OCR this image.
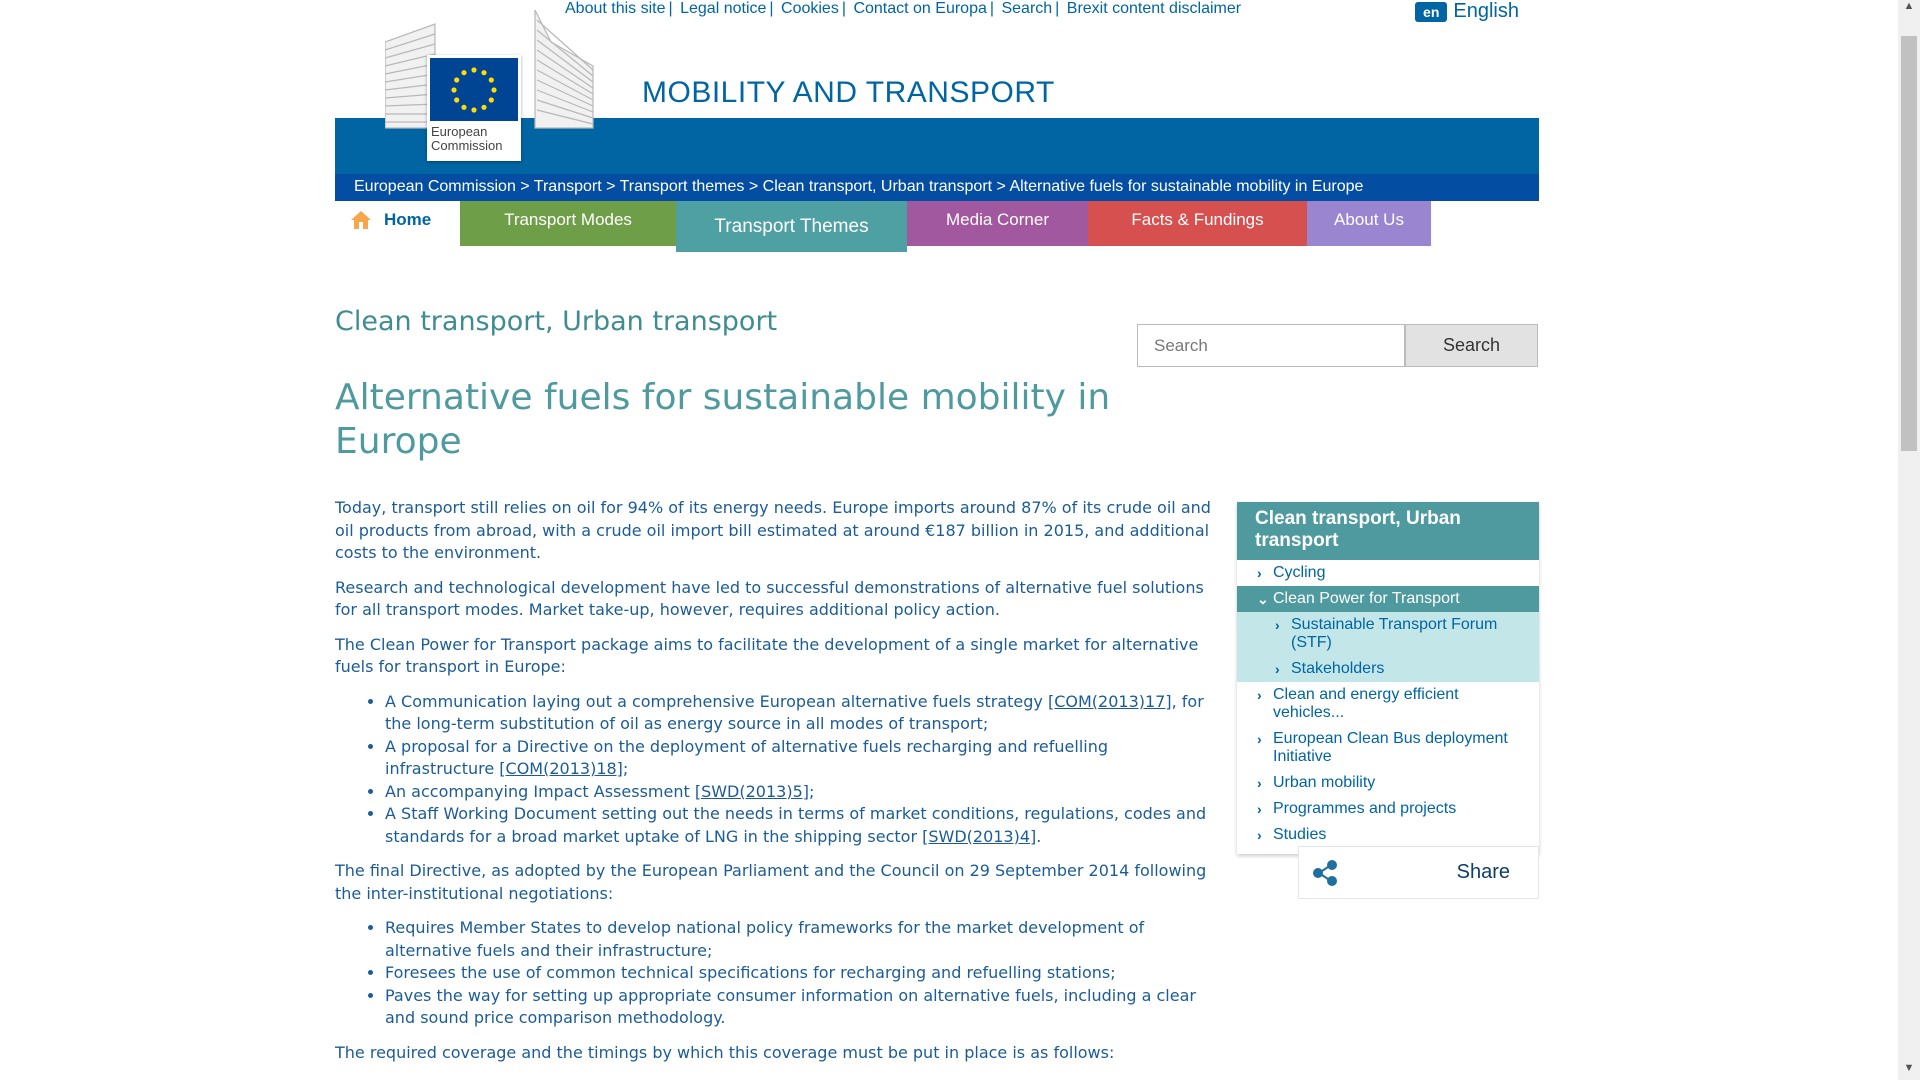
About this site | Legal notice | Cookies | Contact on Europa | Search | Brexit content disclaimer	en English
European Commission > Transport > Transport themes > Clean transport, Urban transport > Alternative fuels for sustainable mobility in Europe
European
Commission
MOBILITY AND TRANSPORT
Home	Transport Modes	Transport Themes	Media Corner	Facts & Fundings	About Us
Clean transport, Urban transport
Alternative fuels for sustainable mobility in Europe
Search
Search

Today, transport still relies on oil for 94% of its energy needs. Europe imports around 87% of its crude oil and oil products from abroad, with a crude oil import bill estimated at around €187 billion in 2015, and additional costs to the environment.

Research and technological development have led to successful demonstrations of alternative fuel solutions for all transport modes. Market take-up, however, requires additional policy action.

The Clean Power for Transport package aims to facilitate the development of a single market for alternative fuels for transport in Europe:

• A Communication laying out a comprehensive European alternative fuels strategy [COM(2013)17], for the long-term substitution of oil as energy source in all modes of transport;
• A proposal for a Directive on the deployment of alternative fuels recharging and refuelling infrastructure [COM(2013)18];
• An accompanying Impact Assessment [SWD(2013)5];
• A Staff Working Document setting out the needs in terms of market conditions, regulations, codes and standards for a broad market uptake of LNG in the shipping sector [SWD(2013)4].

The final Directive, as adopted by the European Parliament and the Council on 29 September 2014 following the inter-institutional negotiations:

• Requires Member States to develop national policy frameworks for the market development of alternative fuels and their infrastructure;
• Foresees the use of common technical specifications for recharging and refuelling stations;
• Paves the way for setting up appropriate consumer information on alternative fuels, including a clear and sound price comparison methodology.

The required coverage and the timings by which this coverage must be put in place is as follows:

Clean transport, Urban transport
› Cycling
⌄ Clean Power for Transport
› Sustainable Transport Forum (STF)
› Stakeholders
› Clean and energy efficient vehicles...
› European Clean Bus deployment Initiative
› Urban mobility
› Programmes and projects
› Studies
Share
▲
▼
